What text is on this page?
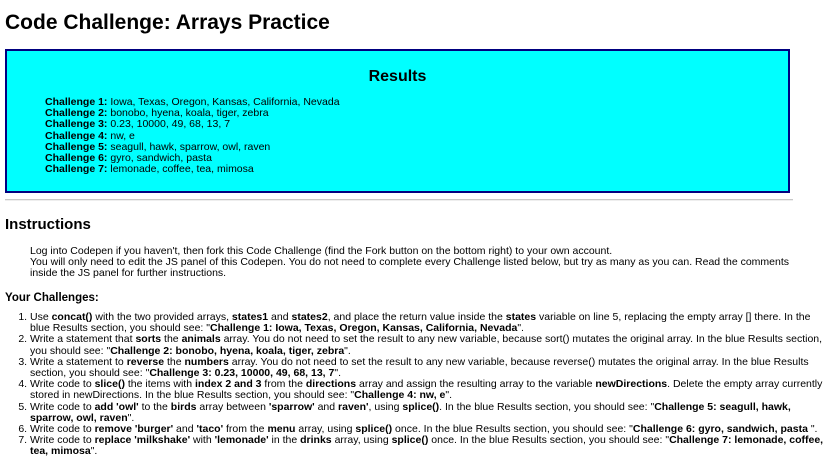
Code Challenge: Arrays Practice
Results
Challenge 1: Iowa, Texas, Oregon, Kansas, California, Nevada
Challenge 2: bonobo, hyena, koala, tiger, zebra
Challenge 3: 0.23, 10000, 49, 68, 13, 7
Challenge 4: nw, e
Challenge 5: seagull, hawk, sparrow, owl, raven
Challenge 6: gyro, sandwich, pasta
Challenge 7: lemonade, coffee, tea, mimosa
Instructions
Log into Codepen if you haven't, then fork this Code Challenge (find the Fork button on the bottom right) to your own account.
You will only need to edit the JS panel of this Codepen. You do not need to complete every Challenge listed below, but try as many as you can. Read the comments inside the JS panel for further instructions.
Your Challenges:
1. Use concat() with the two provided arrays, states1 and states2, and place the return value inside the states variable on line 5, replacing the empty array [] there. In the blue Results section, you should see: "Challenge 1: Iowa, Texas, Oregon, Kansas, California, Nevada".
2. Write a statement that sorts the animals array. You do not need to set the result to any new variable, because sort() mutates the original array. In the blue Results section, you should see: "Challenge 2: bonobo, hyena, koala, tiger, zebra".
3. Write a statement to reverse the numbers array. You do not need to set the result to any new variable, because reverse() mutates the original array. In the blue Results section, you should see: "Challenge 3: 0.23, 10000, 49, 68, 13, 7".
4. Write code to slice() the items with index 2 and 3 from the directions array and assign the resulting array to the variable newDirections. Delete the empty array currently stored in newDirections. In the blue Results section, you should see: "Challenge 4: nw, e".
5. Write code to add 'owl' to the birds array between 'sparrow' and raven', using splice(). In the blue Results section, you should see: "Challenge 5: seagull, hawk, sparrow, owl, raven".
6. Write code to remove 'burger' and 'taco' from the menu array, using splice() once. In the blue Results section, you should see: "Challenge 6: gyro, sandwich, pasta ".
7. Write code to replace 'milkshake' with 'lemonade' in the drinks array, using splice() once. In the blue Results section, you should see: "Challenge 7: lemonade, coffee, tea, mimosa".
